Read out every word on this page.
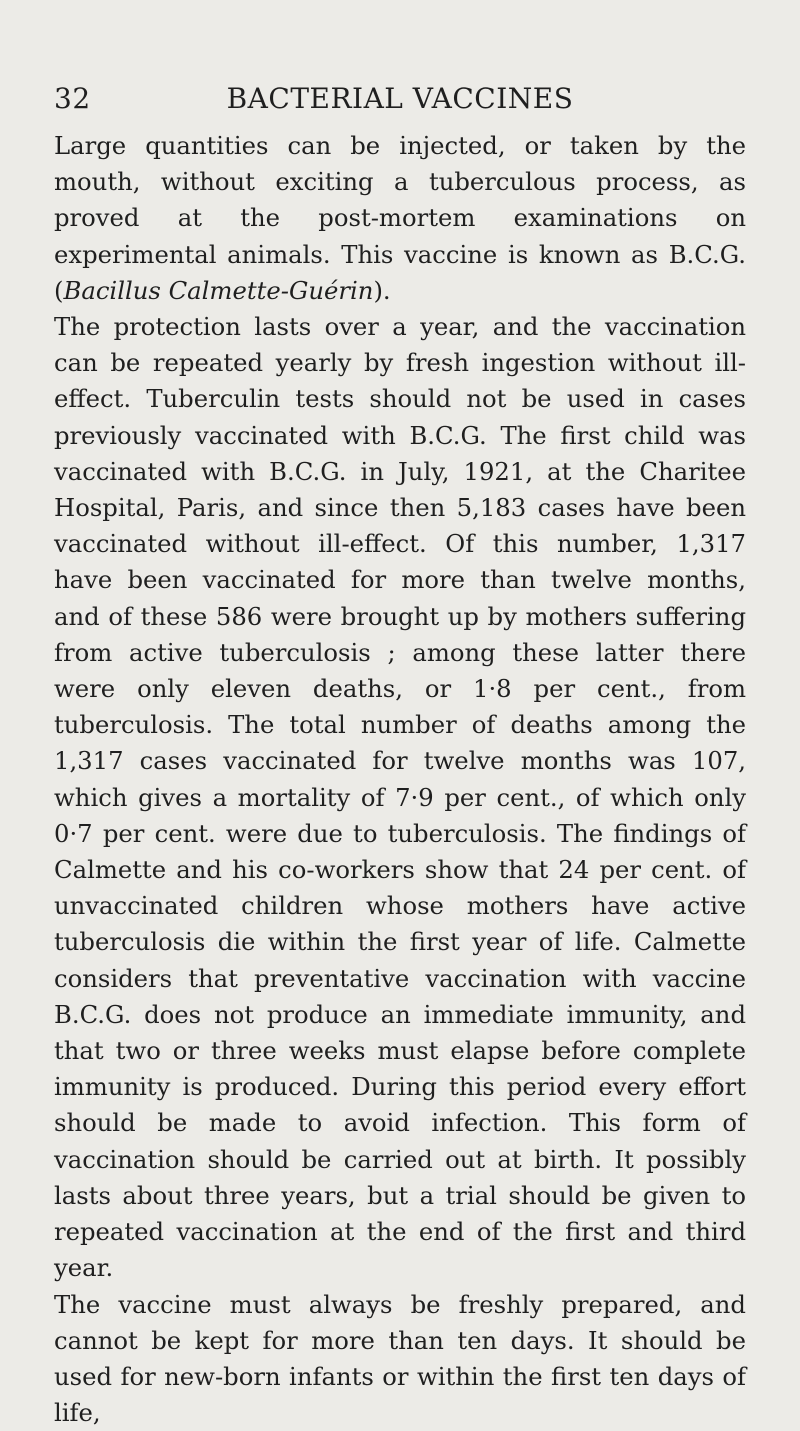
32	BACTERIAL VACCINES

Large quantities can be injected, or taken by the mouth, without exciting a tuberculous process, as proved at the post-mortem examinations on experimental animals. This vaccine is known as B.C.G. (Bacillus Calmette-Guérin).

The protection lasts over a year, and the vaccination can be repeated yearly by fresh ingestion without ill-effect. Tuberculin tests should not be used in cases previously vaccinated with B.C.G. The first child was vaccinated with B.C.G. in July, 1921, at the Charitee Hospital, Paris, and since then 5,183 cases have been vaccinated without ill-effect. Of this number, 1,317 have been vaccinated for more than twelve months, and of these 586 were brought up by mothers suffering from active tuberculosis ; among these latter there were only eleven deaths, or 1·8 per cent., from tuberculosis. The total number of deaths among the 1,317 cases vaccinated for twelve months was 107, which gives a mortality of 7·9 per cent., of which only 0·7 per cent. were due to tuberculosis. The findings of Calmette and his co-workers show that 24 per cent. of unvaccinated children whose mothers have active tuberculosis die within the first year of life. Calmette considers that preventative vaccination with vaccine B.C.G. does not produce an immediate immunity, and that two or three weeks must elapse before complete immunity is produced. During this period every effort should be made to avoid infection. This form of vaccination should be carried out at birth. It possibly lasts about three years, but a trial should be given to repeated vaccination at the end of the first and third year.

The vaccine must always be freshly prepared, and cannot be kept for more than ten days. It should be used for new-born infants or within the first ten days of life,
